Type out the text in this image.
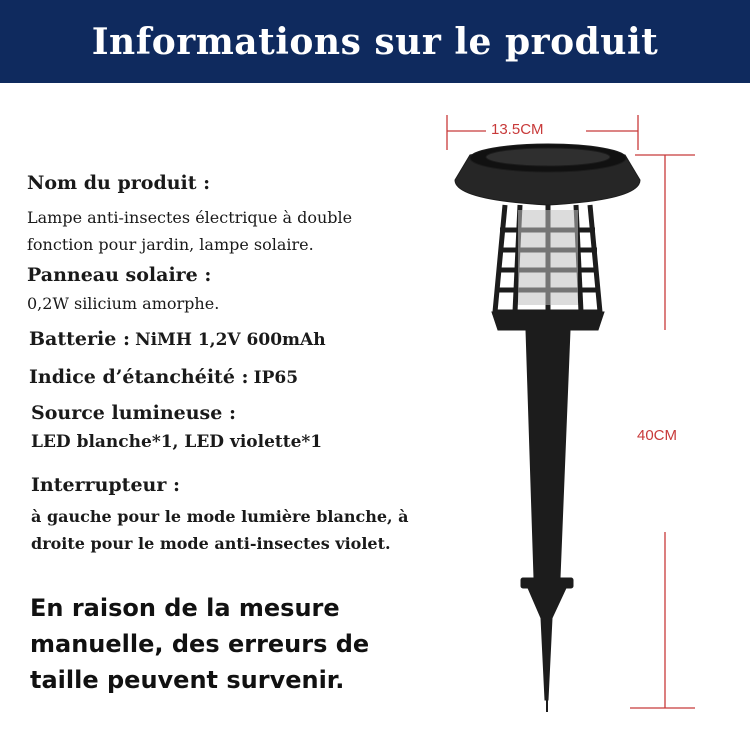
Informations sur le produit
13.5CM
40CM
Nom du produit :
Lampe anti-insectes électrique à double
fonction pour jardin, lampe solaire.
Panneau solaire :
0,2W silicium amorphe.
Batterie : NiMH 1,2V 600mAh
Indice d’étanchéité : IP65
Source lumineuse :
LED blanche*1, LED violette*1
Interrupteur :
à gauche pour le mode lumière blanche, à
droite pour le mode anti-insectes violet.
En raison de la mesure
manuelle, des erreurs de
taille peuvent survenir.
